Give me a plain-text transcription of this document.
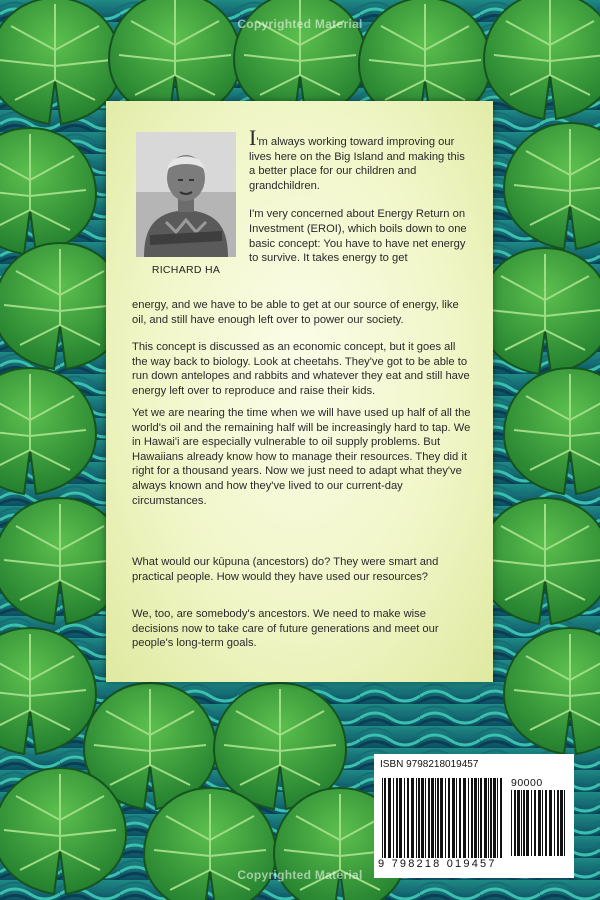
Copyrighted Material
RICHARD HA

I'm always working toward improving our lives here on the Big Island and making this a better place for our children and grandchildren.

I'm very concerned about Energy Return on Investment (EROI), which boils down to one basic concept: You have to have net energy to survive. It takes energy to get

energy, and we have to be able to get at our source of energy, like oil, and still have enough left over to power our society.
This concept is discussed as an economic concept, but it goes all the way back to biology. Look at cheetahs. They've got to be able to run down antelopes and rabbits and whatever they eat and still have energy left over to reproduce and raise their kids.
Yet we are nearing the time when we will have used up half of all the world's oil and the remaining half will be increasingly hard to tap. We in Hawai'i are especially vulnerable to oil supply problems. But Hawaiians already know how to manage their resources. They did it right for a thousand years. Now we just need to adapt what they've always known and how they've lived to our current-day circumstances.
What would our kūpuna (ancestors) do? They were smart and practical people. How would they have used our resources?
We, too, are somebody's ancestors. We need to make wise decisions now to take care of future generations and meet our people's long-term goals.
ISBN 9798218019457
90000
9 798218 019457
Copyrighted Material
